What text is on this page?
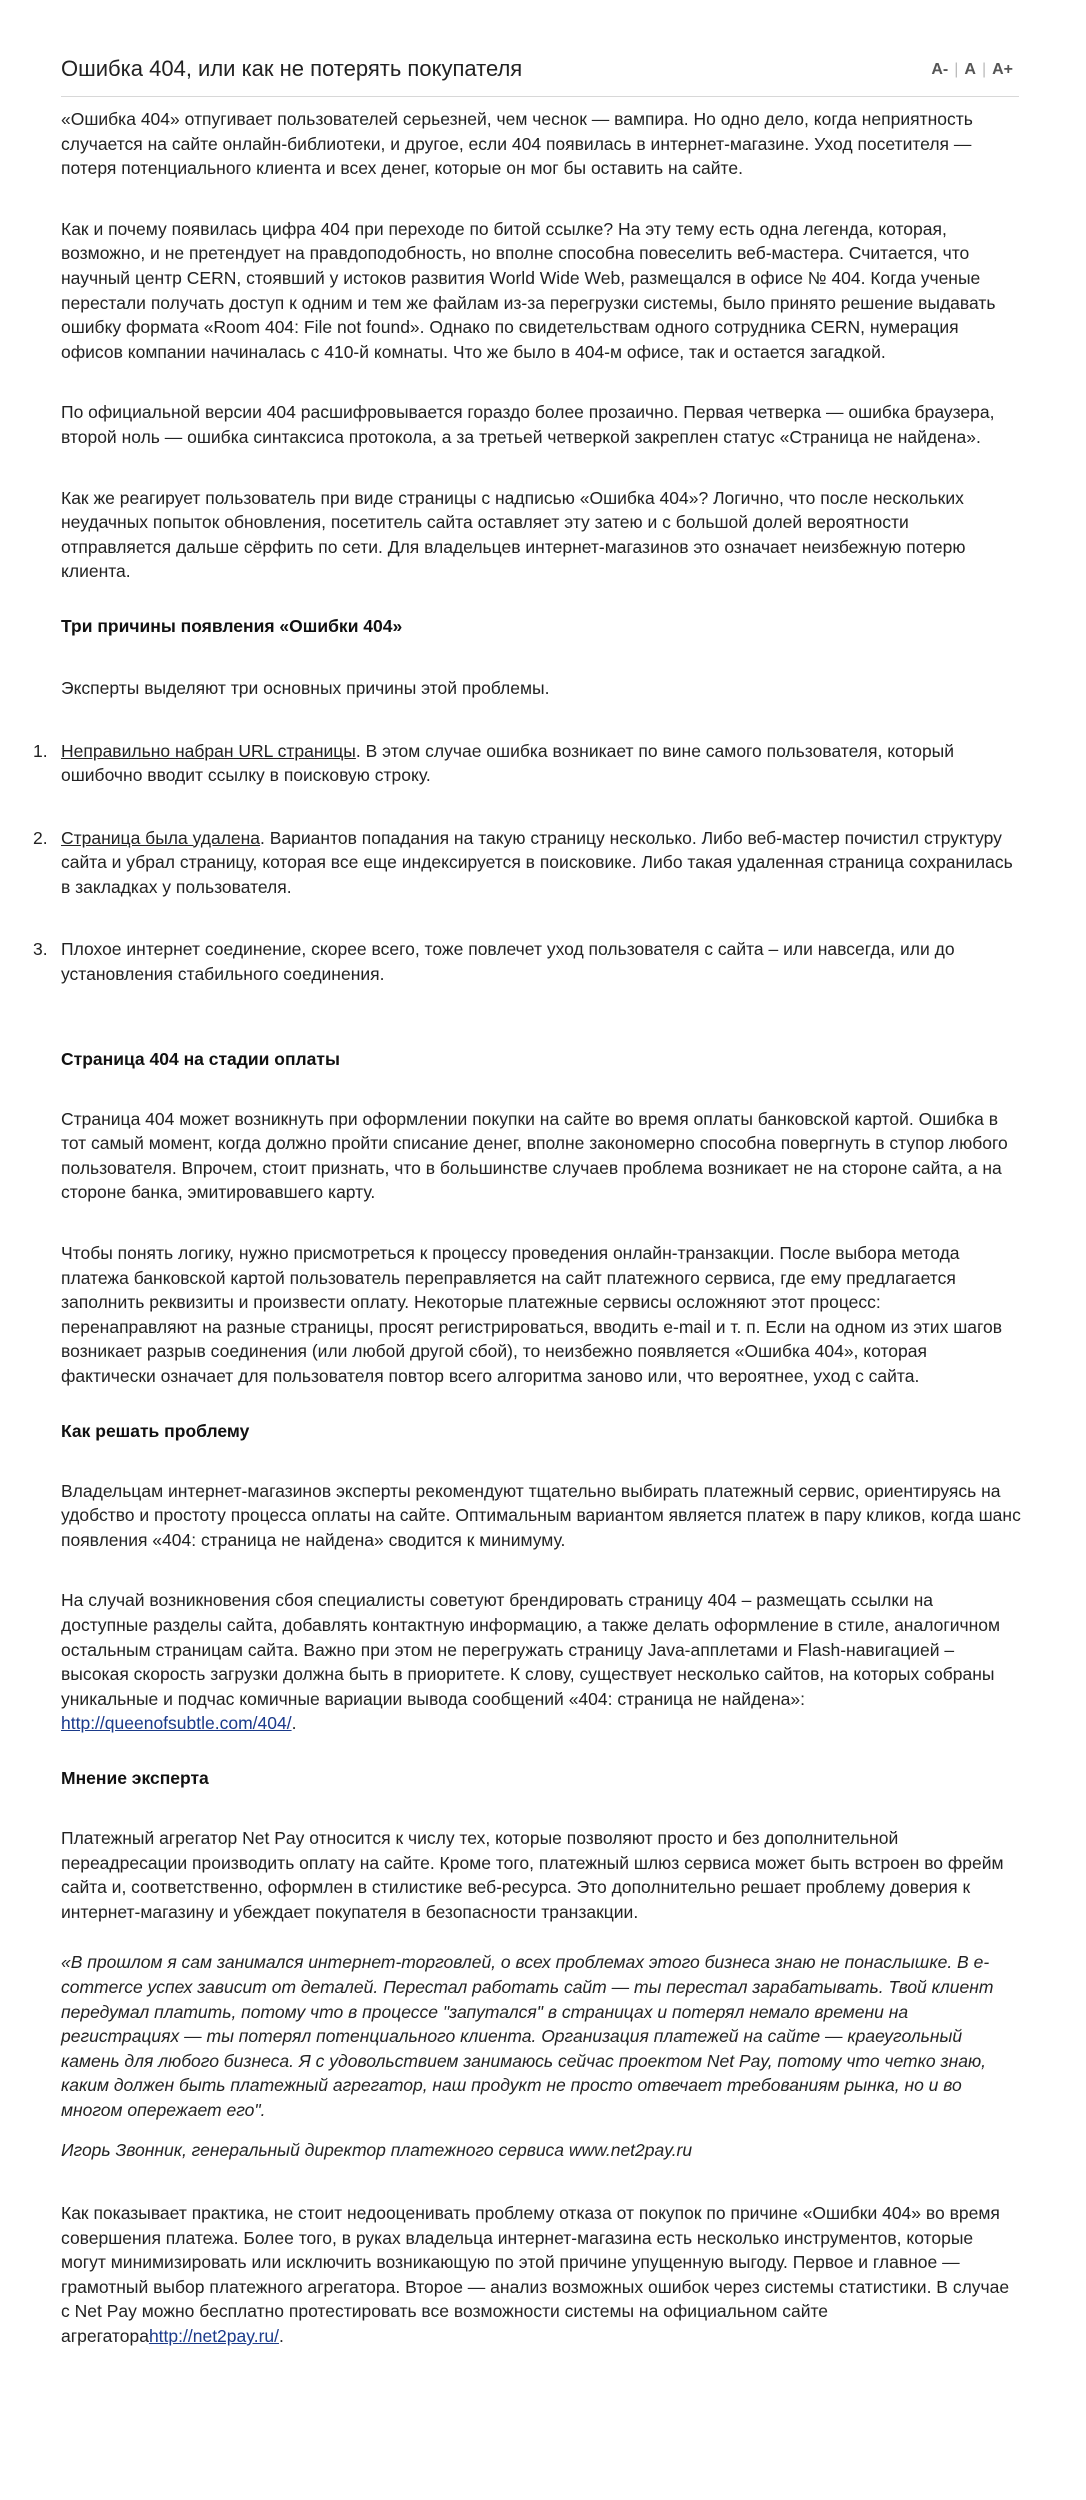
Ошибка 404, или как не потерять покупателя	A- | A | A+

«Ошибка 404» отпугивает пользователей серьезней, чем чеснок — вампира. Но одно дело, когда неприятность случается на сайте онлайн-библиотеки, и другое, если 404 появилась в интернет-магазине. Уход посетителя — потеря потенциального клиента и всех денег, которые он мог бы оставить на сайте.

Как и почему появилась цифра 404 при переходе по битой ссылке? На эту тему есть одна легенда, которая, возможно, и не претендует на правдоподобность, но вполне способна повеселить веб-мастера. Считается, что научный центр CERN, стоявший у истоков развития World Wide Web, размещался в офисе № 404. Когда ученые перестали получать доступ к одним и тем же файлам из-за перегрузки системы, было принято решение выдавать ошибку формата «Room 404: File not found». Однако по свидетельствам одного сотрудника CERN, нумерация офисов компании начиналась с 410-й комнаты. Что же было в 404-м офисе, так и остается загадкой.

По официальной версии 404 расшифровывается гораздо более прозаично. Первая четверка — ошибка браузера, второй ноль — ошибка синтаксиса протокола, а за третьей четверкой закреплен статус «Страница не найдена».

Как же реагирует пользователь при виде страницы с надписью «Ошибка 404»? Логично, что после нескольких неудачных попыток обновления, посетитель сайта оставляет эту затею и с большой долей вероятности отправляется дальше сёрфить по сети. Для владельцев интернет-магазинов это означает неизбежную потерю клиента.

Три причины появления «Ошибки 404»

Эксперты выделяют три основных причины этой проблемы.

1. Неправильно набран URL страницы. В этом случае ошибка возникает по вине самого пользователя, который ошибочно вводит ссылку в поисковую строку.
2. Страница была удалена. Вариантов попадания на такую страницу несколько. Либо веб-мастер почистил структуру сайта и убрал страницу, которая все еще индексируется в поисковике. Либо такая удаленная страница сохранилась в закладках у пользователя.
3. Плохое интернет соединение, скорее всего, тоже повлечет уход пользователя с сайта – или навсегда, или до установления стабильного соединения.
Страница 404 на стадии оплаты

Страница 404 может возникнуть при оформлении покупки на сайте во время оплаты банковской картой. Ошибка в тот самый момент, когда должно пройти списание денег, вполне закономерно способна повергнуть в ступор любого пользователя. Впрочем, стоит признать, что в большинстве случаев проблема возникает не на стороне сайта, а на стороне банка, эмитировавшего карту.

Чтобы понять логику, нужно присмотреться к процессу проведения онлайн-транзакции. После выбора метода платежа банковской картой пользователь переправляется на сайт платежного сервиса, где ему предлагается заполнить реквизиты и произвести оплату. Некоторые платежные сервисы осложняют этот процесс: перенаправляют на разные страницы, просят регистрироваться, вводить e-mail и т. п. Если на одном из этих шагов возникает разрыв соединения (или любой другой сбой), то неизбежно появляется «Ошибка 404», которая фактически означает для пользователя повтор всего алгоритма заново или, что вероятнее, уход с сайта.

Как решать проблему

Владельцам интернет-магазинов эксперты рекомендуют тщательно выбирать платежный сервис, ориентируясь на удобство и простоту процесса оплаты на сайте. Оптимальным вариантом является платеж в пару кликов, когда шанс появления «404: страница не найдена» сводится к минимуму.

На случай возникновения сбоя специалисты советуют брендировать страницу 404 – размещать ссылки на доступные разделы сайта, добавлять контактную информацию, а также делать оформление в стиле, аналогичном остальным страницам сайта. Важно при этом не перегружать страницу Java-апплетами и Flash-навигацией – высокая скорость загрузки должна быть в приоритете. К слову, существует несколько сайтов, на которых собраны уникальные и подчас комичные вариации вывода сообщений «404: страница не найдена»: http://queenofsubtle.com/404/.

Мнение эксперта

Платежный агрегатор Net Pay относится к числу тех, которые позволяют просто и без дополнительной переадресации производить оплату на сайте. Кроме того, платежный шлюз сервиса может быть встроен во фрейм сайта и, соответственно, оформлен в стилистике веб-ресурса. Это дополнительно решает проблему доверия к интернет-магазину и убеждает покупателя в безопасности транзакции.

«В прошлом я сам занимался интернет-торговлей, о всех проблемах этого бизнеса знаю не понаслышке. В e-commerce успех зависит от деталей. Перестал работать сайт — ты перестал зарабатывать. Твой клиент передумал платить, потому что в процессе "запутался" в страницах и потерял немало времени на регистрациях — ты потерял потенциального клиента. Организация платежей на сайте — краеугольный камень для любого бизнеса. Я с удовольствием занимаюсь сейчас проектом Net Pay, потому что четко знаю, каким должен быть платежный агрегатор, наш продукт не просто отвечает требованиям рынка, но и во многом опережает его".

Игорь Звонник, генеральный директор платежного сервиса www.net2pay.ru

Как показывает практика, не стоит недооценивать проблему отказа от покупок по причине «Ошибки 404» во время совершения платежа. Более того, в руках владельца интернет-магазина есть несколько инструментов, которые могут минимизировать или исключить возникающую по этой причине упущенную выгоду. Первое и главное — грамотный выбор платежного агрегатора. Второе — анализ возможных ошибок через системы статистики. В случае с Net Pay можно бесплатно протестировать все возможности системы на официальном сайте агрегатораhttp://net2pay.ru/.
